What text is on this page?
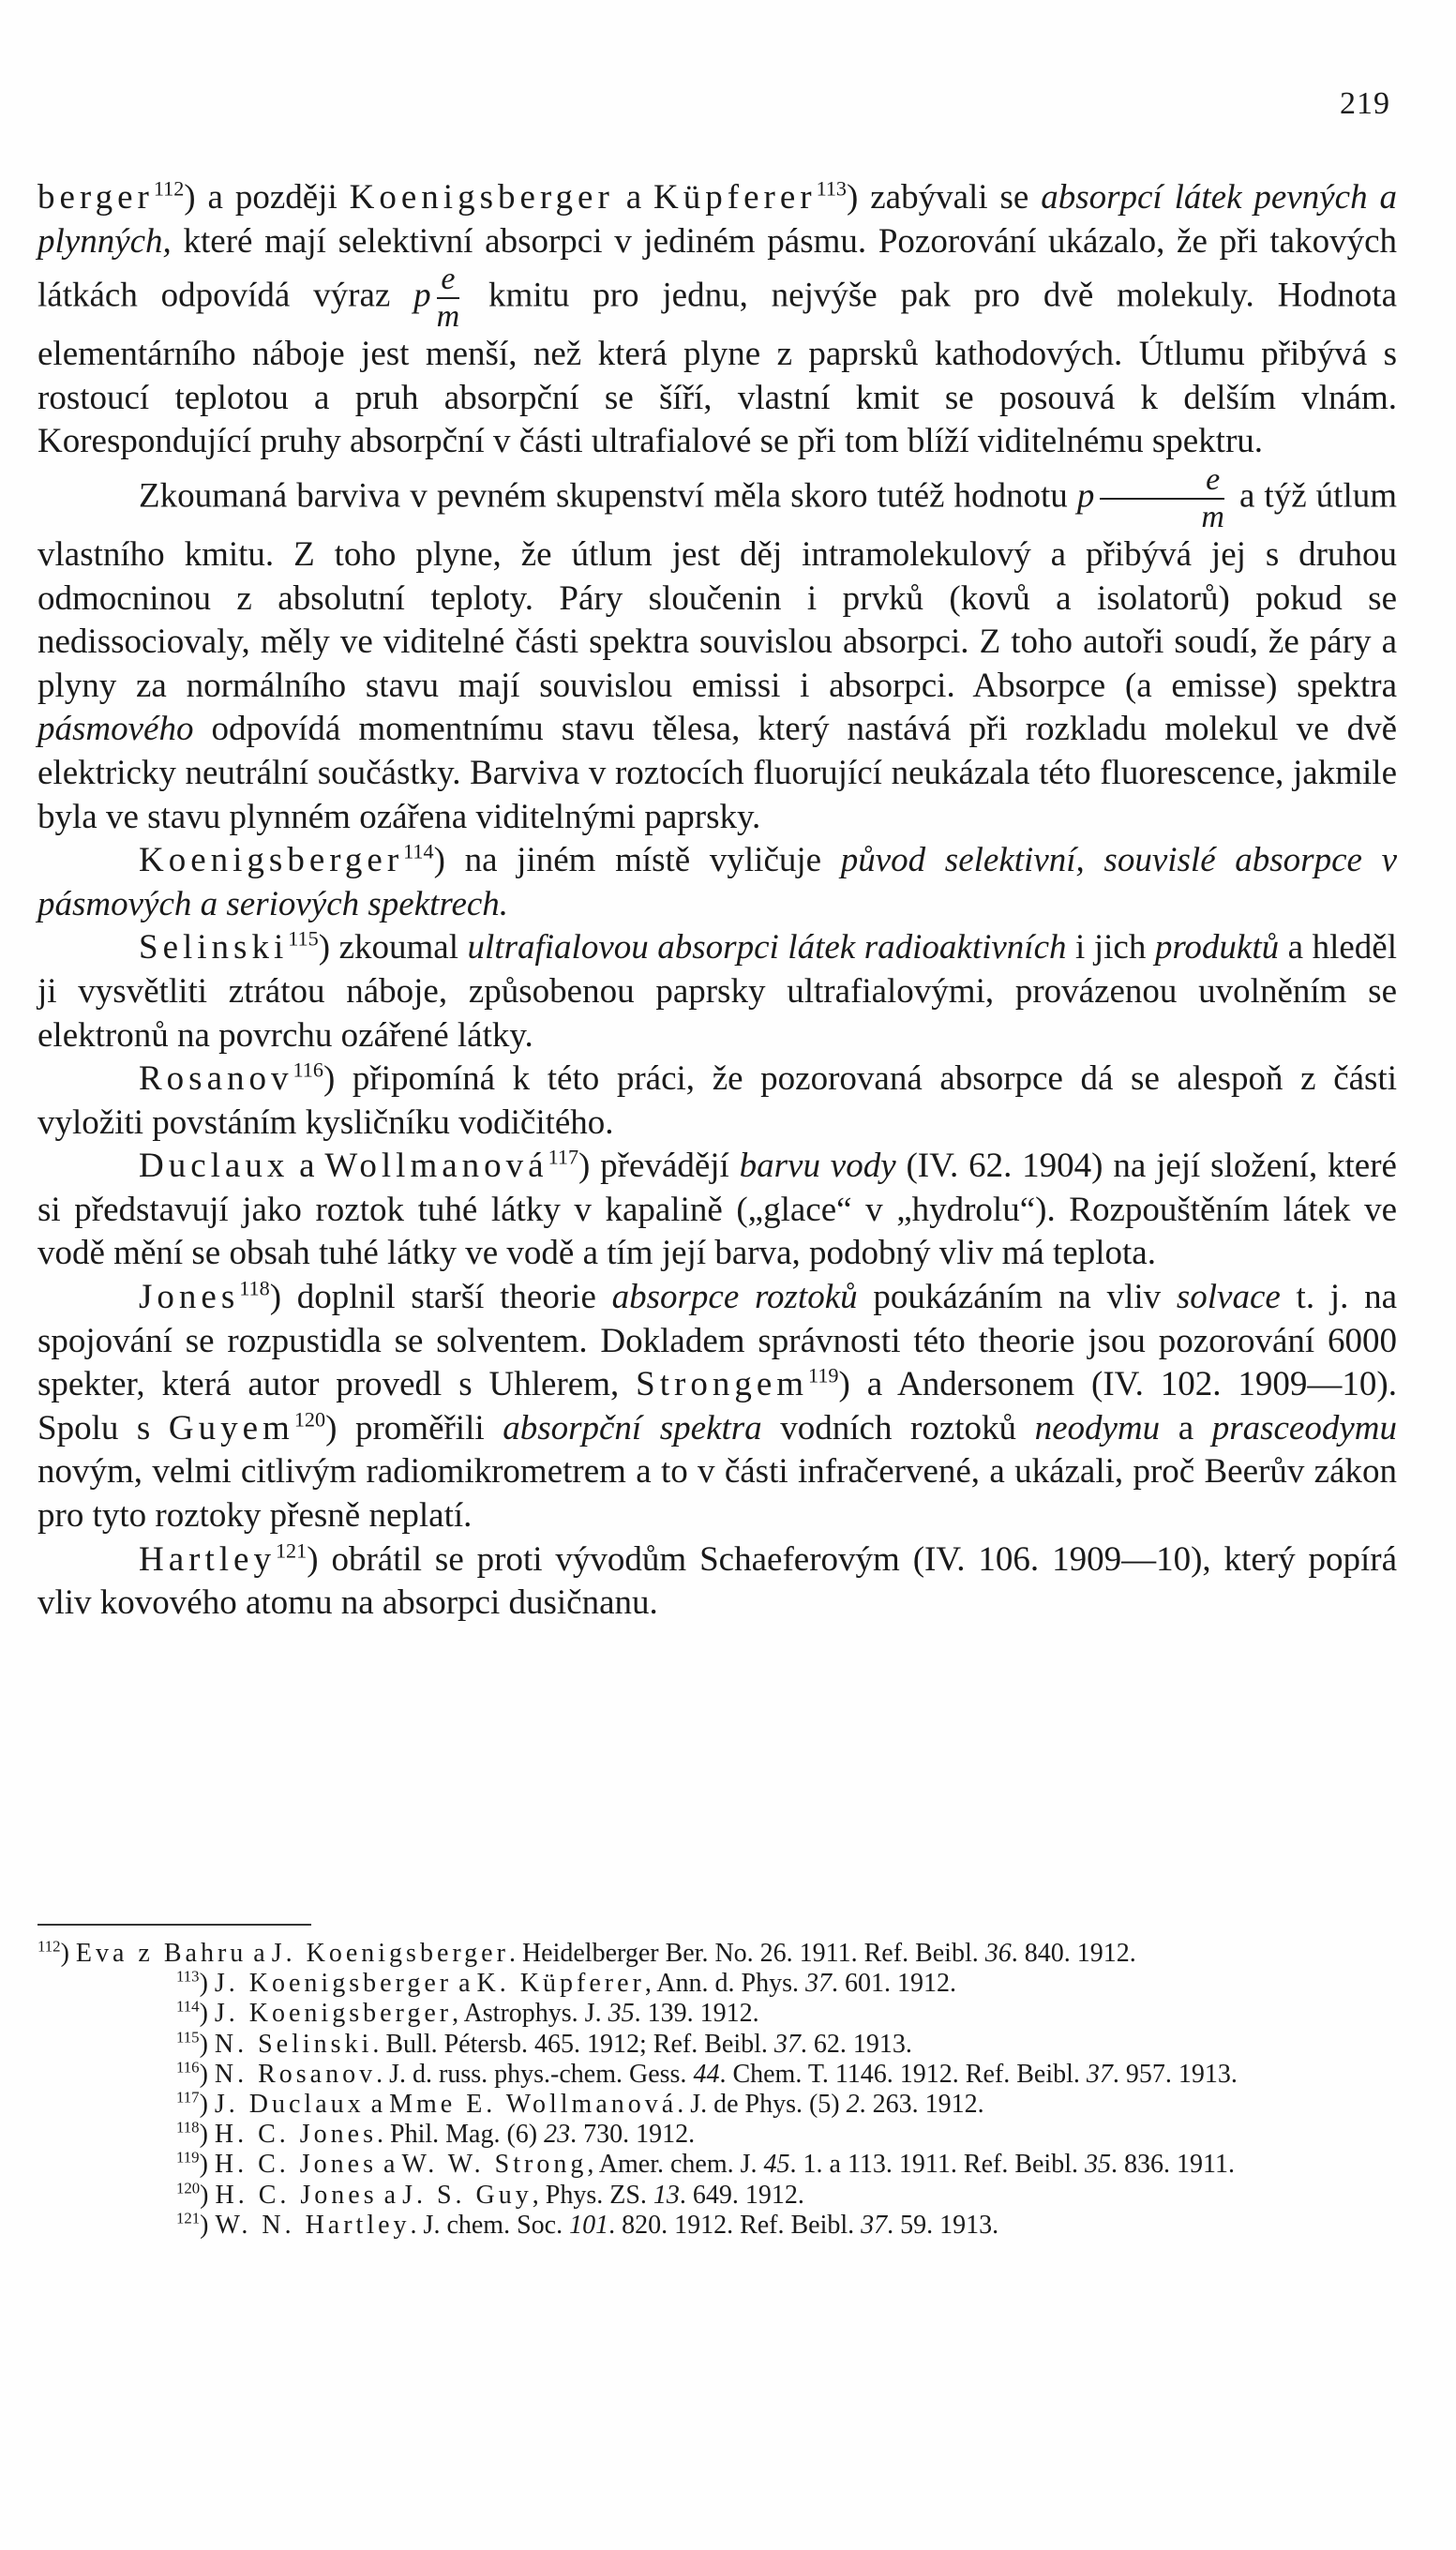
219

berger$^{112}$) a později Koenigsberger a Küpferer$^{113}$) zabývali se absorpcí látek pevných a plynných, které mají selektivní absorpci v jediném pásmu. Pozorování ukázalo, že při takových látkách odpovídá výraz p $\frac{e}{m}$ kmitu pro jednu, nejvýše pak pro dvě molekuly. Hodnota elementárního náboje jest menší, než která plyne z paprsků kathodových. Útlumu přibývá s rostoucí teplotou a pruh absorpční se šíří, vlastní kmit se posouvá k delším vlnám. Korespondující pruhy absorpční v části ultrafialové se při tom blíží viditelnému spektru.

Zkoumaná barviva v pevném skupenství měla skoro tutéž hodnotu p $\frac{e}{m}$ a týž útlum vlastního kmitu. Z toho plyne, že útlum jest děj intramolekulový a přibývá jej s druhou odmocninou z absolutní teploty. Páry sloučenin i prvků (kovů a isolatorů) pokud se nedissociovaly, měly ve viditelné části spektra souvislou absorpci. Z toho autoři soudí, že páry a plyny za normálního stavu mají souvislou emissi i absorpci. Absorpce (a emisse) spektra pásmového odpovídá momentnímu stavu tělesa, který nastává při rozkladu molekul ve dvě elektricky neutrální součástky. Barviva v roztocích fluorující neukázala této fluorescence, jakmile byla ve stavu plynném ozářena viditelnými paprsky.

Koenigsberger$^{114}$) na jiném místě vyličuje původ selektivní, souvislé absorpce v pásmových a seriových spektrech.

Selinski$^{115}$) zkoumal ultrafialovou absorpci látek radioaktivních i jich produktů a hleděl ji vysvětliti ztrátou náboje, způsobenou paprsky ultrafialovými, provázenou uvolněním se elektronů na povrchu ozářené látky.

Rosanov$^{116}$) připomíná k této práci, že pozorovaná absorpce dá se alespoň z části vyložiti povstáním kysličníku vodičitého.

Duclaux a Wollmanová$^{117}$) převádějí barvu vody (IV. 62. 1904) na její složení, které si představují jako roztok tuhé látky v kapalině („glace“ v „hydrolu“). Rozpouštěním látek ve vodě mění se obsah tuhé látky ve vodě a tím její barva, podobný vliv má teplota.

Jones$^{118}$) doplnil starší theorie absorpce roztoků poukázáním na vliv solvace t. j. na spojování se rozpustidla se solventem. Dokladem správnosti této theorie jsou pozorování 6000 spekter, která autor provedl s Uhlerem, Strongem$^{119}$) a Andersonem (IV. 102. 1909—10). Spolu s Guyem$^{120}$) proměřili absorpční spektra vodních roztoků neodymu a prasceodymu novým, velmi citlivým radiomikrometrem a to v části infračervené, a ukázali, proč Beerův zákon pro tyto roztoky přesně neplatí.

Hartley$^{121}$) obrátil se proti vývodům Schaeferovým (IV. 106. 1909—10), který popírá vliv kovového atomu na absorpci dusičnanu.

$^{112}$) Eva z Bahru a J. Koenigsberger. Heidelberger Ber. No. 26. 1911. Ref. Beibl. 36. 840. 1912.

$^{113}$) J. Koenigsberger a K. Küpferer, Ann. d. Phys. 37. 601. 1912.

$^{114}$) J. Koenigsberger, Astrophys. J. 35. 139. 1912.

$^{115}$) N. Selinski. Bull. Pétersb. 465. 1912; Ref. Beibl. 37. 62. 1913.

$^{116}$) N. Rosanov. J. d. russ. phys.-chem. Gess. 44. Chem. T. 1146. 1912. Ref. Beibl. 37. 957. 1913.

$^{117}$) J. Duclaux a Mme E. Wollmanová. J. de Phys. (5) 2. 263. 1912.

$^{118}$) H. C. Jones. Phil. Mag. (6) 23. 730. 1912.

$^{119}$) H. C. Jones a W. W. Strong, Amer. chem. J. 45. 1. a 113. 1911. Ref. Beibl. 35. 836. 1911.

$^{120}$) H. C. Jones a J. S. Guy, Phys. ZS. 13. 649. 1912.

$^{121}$) W. N. Hartley. J. chem. Soc. 101. 820. 1912. Ref. Beibl. 37. 59. 1913.
